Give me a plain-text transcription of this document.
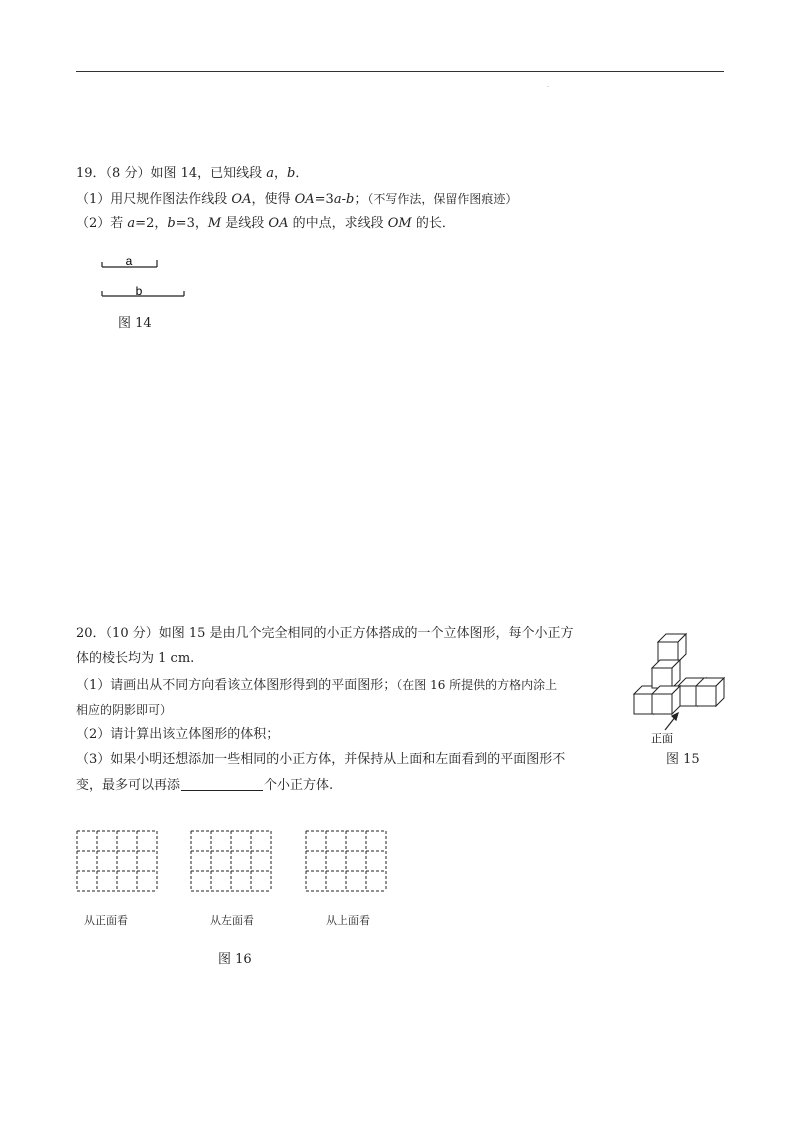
·
19．（8 分）如图 14，已知线段 a，b．
（1）用尺规作图法作线段 OA，使得 OA=3a-b；（不写作法，保留作图痕迹）
（2）若 a=2，b=3，M 是线段 OA 的中点，求线段 OM 的长．
a
b
图 14
20．（10 分）如图 15 是由几个完全相同的小正方体搭成的一个立体图形，每个小正方
体的棱长均为 1 cm.
（1）请画出从不同方向看该立体图形得到的平面图形；（在图 16 所提供的方格内涂上
相应的阴影即可）
（2）请计算出该立体图形的体积；
（3）如果小明还想添加一些相同的小正方体，并保持从上面和左面看到的平面图形不
变，最多可以再添	个小正方体.
正面
图 15
从正面看	从左面看	从上面看
图 16
